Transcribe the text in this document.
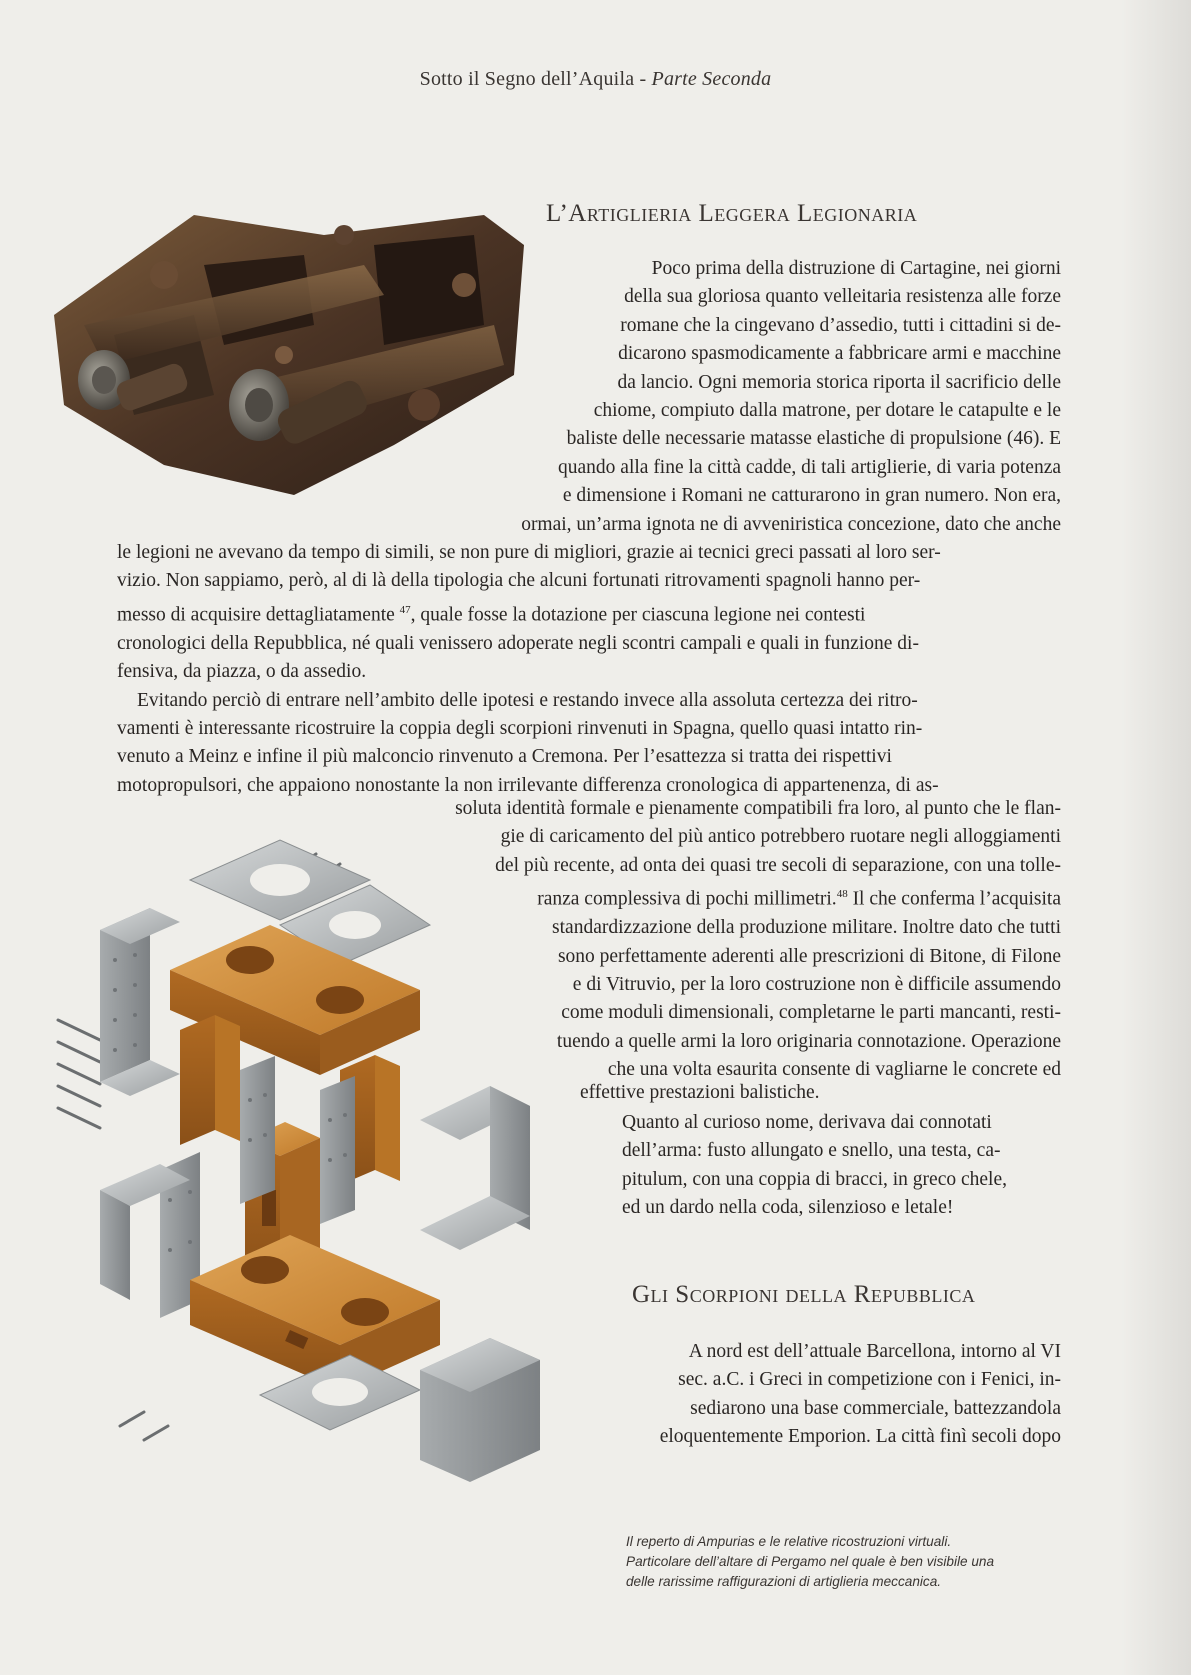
Sotto il Segno dell’Aquila - Parte Seconda
L’Artiglieria Leggera Legionaria
Poco prima della distruzione di Cartagine, nei giorni
della sua gloriosa quanto velleitaria resistenza alle forze
romane che la cingevano d’assedio, tutti i cittadini si de-
dicarono spasmodicamente a fabbricare armi e macchine
da lancio. Ogni memoria storica riporta il sacrificio delle
chiome, compiuto dalla matrone, per dotare le catapulte e le
baliste delle necessarie matasse elastiche di propulsione (46). E
quando alla fine la città cadde, di tali artiglierie, di varia potenza
e dimensione i Romani ne catturarono in gran numero. Non era,
ormai, un’arma ignota ne di avveniristica concezione, dato che anche
le legioni ne avevano da tempo di simili, se non pure di migliori, grazie ai tecnici greci passati al loro ser-
vizio. Non sappiamo, però, al di là della tipologia che alcuni fortunati ritrovamenti spagnoli hanno per-
messo di acquisire dettagliatamente $^{47}$, quale fosse la dotazione per ciascuna legione nei contesti
cronologici della Repubblica, né quali venissero adoperate negli scontri campali e quali in funzione di-
fensiva, da piazza, o da assedio.
Evitando perciò di entrare nell’ambito delle ipotesi e restando invece alla assoluta certezza dei ritro-
vamenti è interessante ricostruire la coppia degli scorpioni rinvenuti in Spagna, quello quasi intatto rin-
venuto a Meinz e infine il più malconcio rinvenuto a Cremona. Per l’esattezza si tratta dei rispettivi
motopropulsori, che appaiono nonostante la non irrilevante differenza cronologica di appartenenza, di as-
soluta identità formale e pienamente compatibili fra loro, al punto che le flan-
gie di caricamento del più antico potrebbero ruotare negli alloggiamenti
del più recente, ad onta dei quasi tre secoli di separazione, con una tolle-
ranza complessiva di pochi millimetri.$^{48}$ Il che conferma l’acquisita
standardizzazione della produzione militare. Inoltre dato che tutti
sono perfettamente aderenti alle prescrizioni di Bitone, di Filone
e di Vitruvio, per la loro costruzione non è difficile assumendo
come moduli dimensionali, completarne le parti mancanti, resti-
tuendo a quelle armi la loro originaria connotazione. Operazione
che una volta esaurita consente di vagliarne le concrete ed
effettive prestazioni balistiche.
Quanto al curioso nome, derivava dai connotati
dell’arma: fusto allungato e snello, una testa, ca-
pitulum, con una coppia di bracci, in greco chele,
ed un dardo nella coda, silenzioso e letale!
Gli Scorpioni della Repubblica
A nord est dell’attuale Barcellona, intorno al VI
sec. a.C. i Greci in competizione con i Fenici, in-
sediarono una base commerciale, battezzandola
eloquentemente Emporion. La città finì secoli dopo
Il reperto di Ampurias e le relative ricostruzioni virtuali.
Particolare dell’altare di Pergamo nel quale è ben visibile una
delle rarissime raffigurazioni di artiglieria meccanica.
